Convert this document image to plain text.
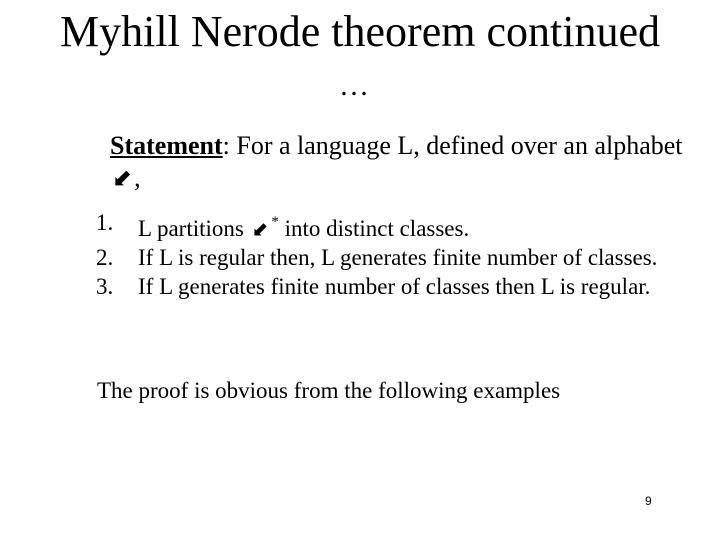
Myhill Nerode theorem continued
…
Statement: For a language L, defined over an alphabet ⬋,
1.	L partitions ⬋ * into distinct classes.
2.	If L is regular then, L generates finite number of classes.
3.	If L generates finite number of classes then L is regular.
The proof is obvious from the following examples
9
